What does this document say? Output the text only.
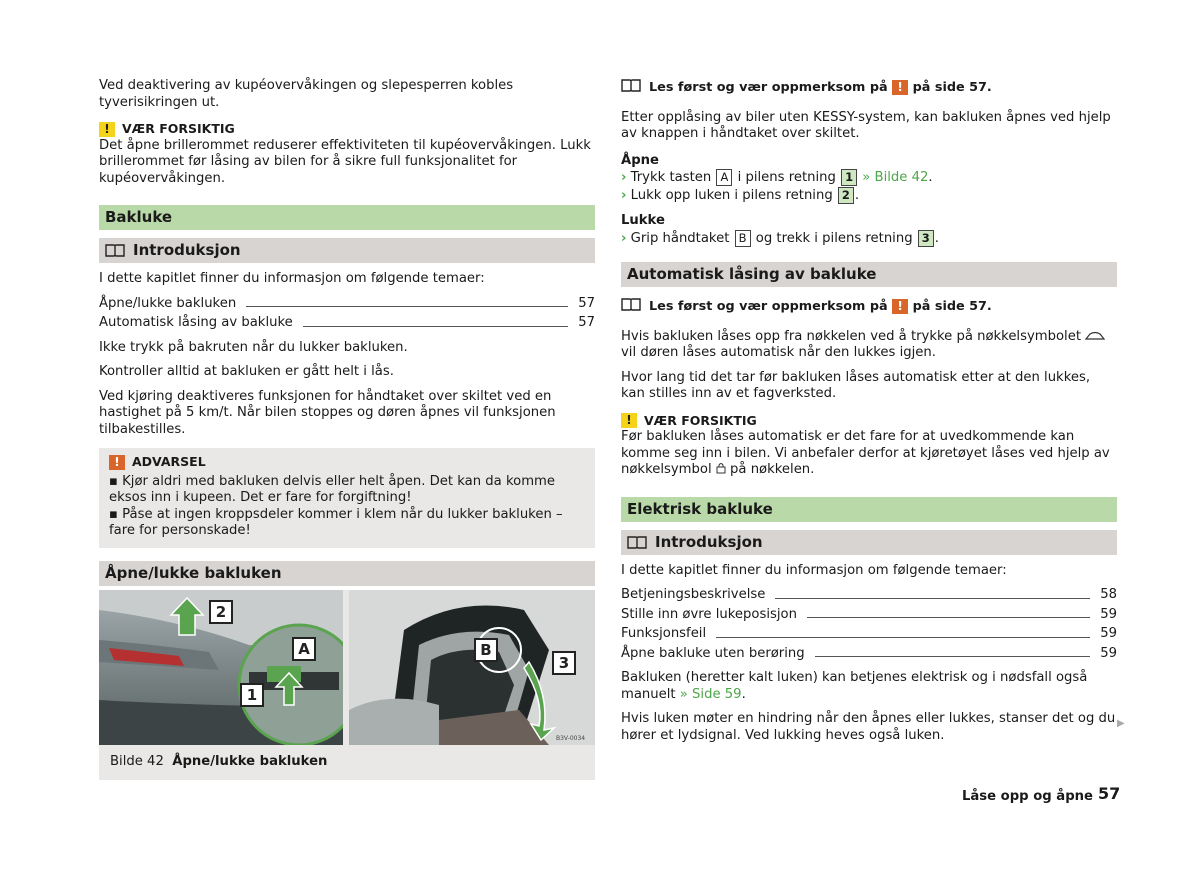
Ved deaktivering av kupéovervåkingen og slepesperren kobles tyverisikringen ut.

! VÆR FORSIKTIG

Det åpne brillerommet reduserer effektiviteten til kupéovervåkingen. Lukk brillerommet før låsing av bilen for å sikre full funksjonalitet for kupéovervåkingen.

Bakluke
Introduksjon

I dette kapitlet finner du informasjon om følgende temaer:

Åpne/lukke bakluken	57
Automatisk låsing av bakluke	57

Ikke trykk på bakruten når du lukker bakluken.

Kontroller alltid at bakluken er gått helt i lås.

Ved kjøring deaktiveres funksjonen for håndtaket over skiltet ved en hastighet på 5 km/t. Når bilen stoppes og døren åpnes vil funksjonen tilbakestilles.

! ADVARSEL
▪ Kjør aldri med bakluken delvis eller helt åpen. Det kan da komme eksos inn i kupeen. Det er fare for forgiftning!
▪ Påse at ingen kroppsdeler kommer i klem når du lukker bakluken – fare for personskade!
Åpne/lukke bakluken
2
A
1
B3V-0034
B
3
Bilde 42 Åpne/lukke bakluken
Les først og vær oppmerksom på
!
på side 57.

Etter opplåsing av biler uten KESSY-system, kan bakluken åpnes ved hjelp av knappen i håndtaket over skiltet.

Åpne
› Trykk tasten A i pilens retning 1 » Bilde 42.
› Lukk opp luken i pilens retning 2 .
Lukke
› Grip håndtaket B og trekk i pilens retning 3 .
Automatisk låsing av bakluke
Les først og vær oppmerksom på
!
på side 57.

Hvis bakluken låses opp fra nøkkelen ved å trykke på nøkkelsymbolet  vil døren låses automatisk når den lukkes igjen.

Hvor lang tid det tar før bakluken låses automatisk etter at den lukkes, kan stilles inn av et fagverksted.

! VÆR FORSIKTIG

Før bakluken låses automatisk er det fare for at uvedkommende kan komme seg inn i bilen. Vi anbefaler derfor at kjøretøyet låses ved hjelp av nøkkelsymbol på nøkkelen.

Elektrisk bakluke
Introduksjon

I dette kapitlet finner du informasjon om følgende temaer:

Betjeningsbeskrivelse	58
Stille inn øvre lukeposisjon	59
Funksjonsfeil	59
Åpne bakluke uten berøring	59

Bakluken (heretter kalt luken) kan betjenes elektrisk og i nødsfall også manuelt » Side 59.

Hvis luken møter en hindring når den åpnes eller lukkes, stanser det og du hører et lydsignal. Ved lukking heves også luken.

▶
Låse opp og åpne 57
